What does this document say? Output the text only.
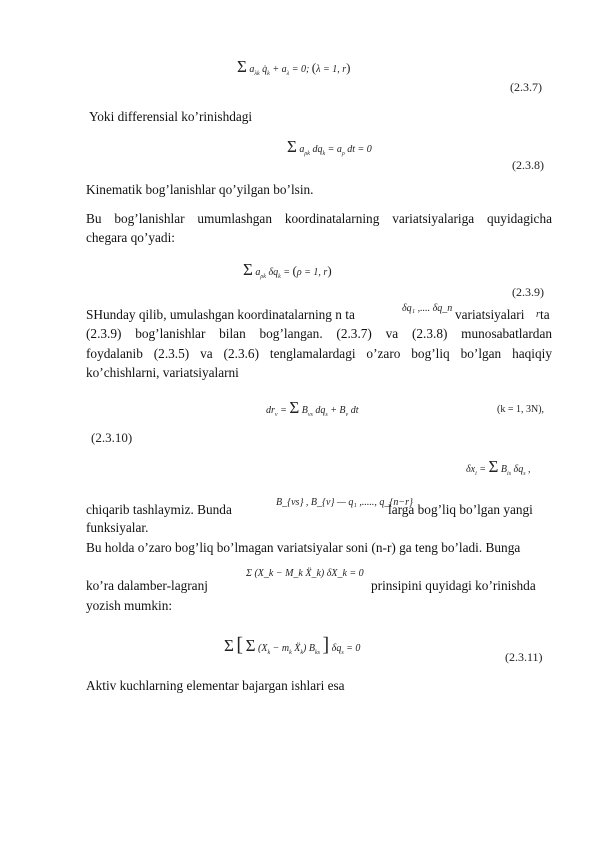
Σ $a_{\lambda k}$ $q̇_k + a_\lambda = 0$; (λ = 1, r)
(2.3.7)
Yoki differensial ko’rinishdagi
Σ $a_{\rho k}$ $dq_k = a_\rho$ dt = 0
(2.3.8)
Kinematik bog’lanishlar qo’yilgan bo’lsin.
Bu bog’lanishlar umumlashgan koordinatalarning variatsiyalariga quyidagicha
chegara qo’yadi:
Σ $a_{\rho k}$ $\delta q_k = (\rho = 1$, r)
(2.3.9)
SHunday qilib, umulashgan koordinatalarning n ta	δq₁ ,.... δq_n variatsiyalari r ta
(2.3.9) bog’lanishlar bilan bog’langan. (2.3.7) va (2.3.8) munosabatlardan
foydalanib (2.3.5) va (2.3.6) tenglamalardagi o’zaro bog’liq bo’lgan haqiqiy
ko’chishlarni, variatsiyalarni
$dr_\nu = \Sigma$ $B_{\nu s}$ $dq_s + B_\nu$ dt	(k = 1, 3N),
(2.3.10)
$\delta x_i = \Sigma$ $B_{is}$ $\delta q_s$ ,
chiqarib tashlaymiz. Bunda	B_{νs} , B_{ν} — q₁ ,....., q_{n−r}
larga bog’liq bo’lgan yangi
funksiyalar.
Bu holda o’zaro bog’liq bo’lmagan variatsiyalar soni (n-r) ga teng bo’ladi. Bunga
ko’ra dalamber-lagranj
Σ (X_k − M_k Ẍ_k) δX_k = 0
prinsipini quyidagi ko’rinishda
yozish mumkin:
Σ [ Σ ($X_k - m_k$ Ẍ$_k$) $B_{ks}$ ] $\delta q_s = 0$
(2.3.11)
Aktiv kuchlarning elementar bajargan ishlari esa
